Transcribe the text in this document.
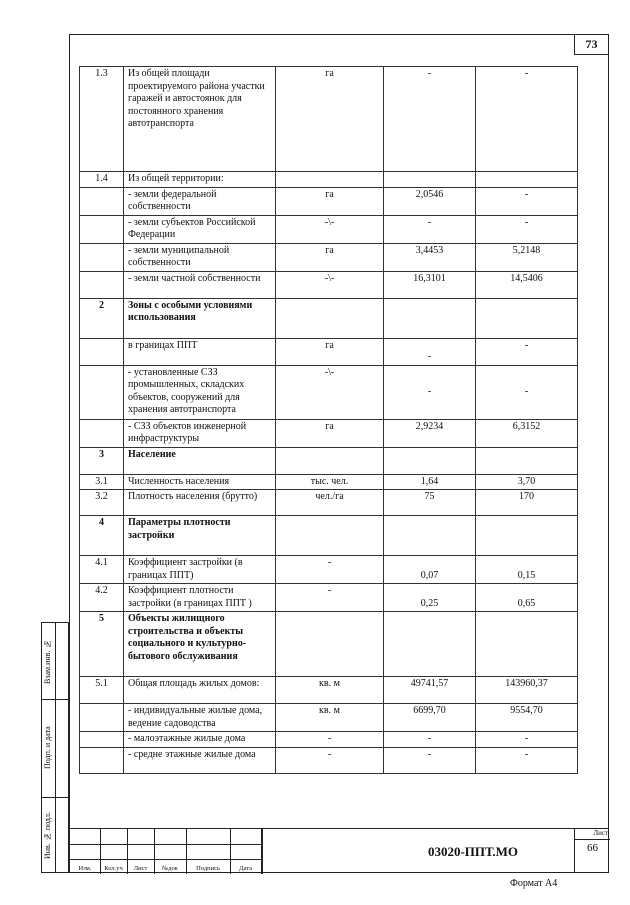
73
1.3	Из общей площади проектируемого района участки гаражей и автостоянок для постоянного хранения автотранспорта	га	-	-
1.4	Из общей территории:			
	- земли федеральной собственности	га	2,0546	-
	- земли субъектов Российской Федерации	-\-	-	-
	- земли муниципальной собственности	га	3,4453	5,2148
	- земли частной собственности	-\-	16,3101	14,5406
2	Зоны с особыми условиями использования			
	в границах ППТ	га	-	-
	- установленные СЗЗ промышленных, складских объектов, сооружений для хранения автотранспорта	-\-	-	-
	- СЗЗ объектов инженерной инфраструктуры	га	2,9234	6,3152
3	Население			
3.1	Численность населения	тыс. чел.	1,64	3,70
3.2	Плотность населения (брутто)	чел./га	75	170
4	Параметры плотности застройки			
4.1	Коэффициент застройки (в границах ППТ)	-	0,07	0,15
4.2	Коэффициент плотности застройки (в границах ППТ )	-	0,25	0,65
5	Объекты жилищного строительства и объекты социального и культурно-бытового обслуживания			
5.1	Общая площадь жилых домов:	кв. м	49741,57	143960,37
	- индивидуальные жилые дома, ведение садоводства	кв. м	6699,70	9554,70
	- малоэтажные жилые дома	-	-	-
	- средне этажные жилые дома	-	-	-
Взам.инв. №
Подп. и дата
Инв. № подл.
Изм.	Кол.уч	Лист	№док	Подпись	Дата
03020-ППТ.МО
Лист
66
Формат А4
